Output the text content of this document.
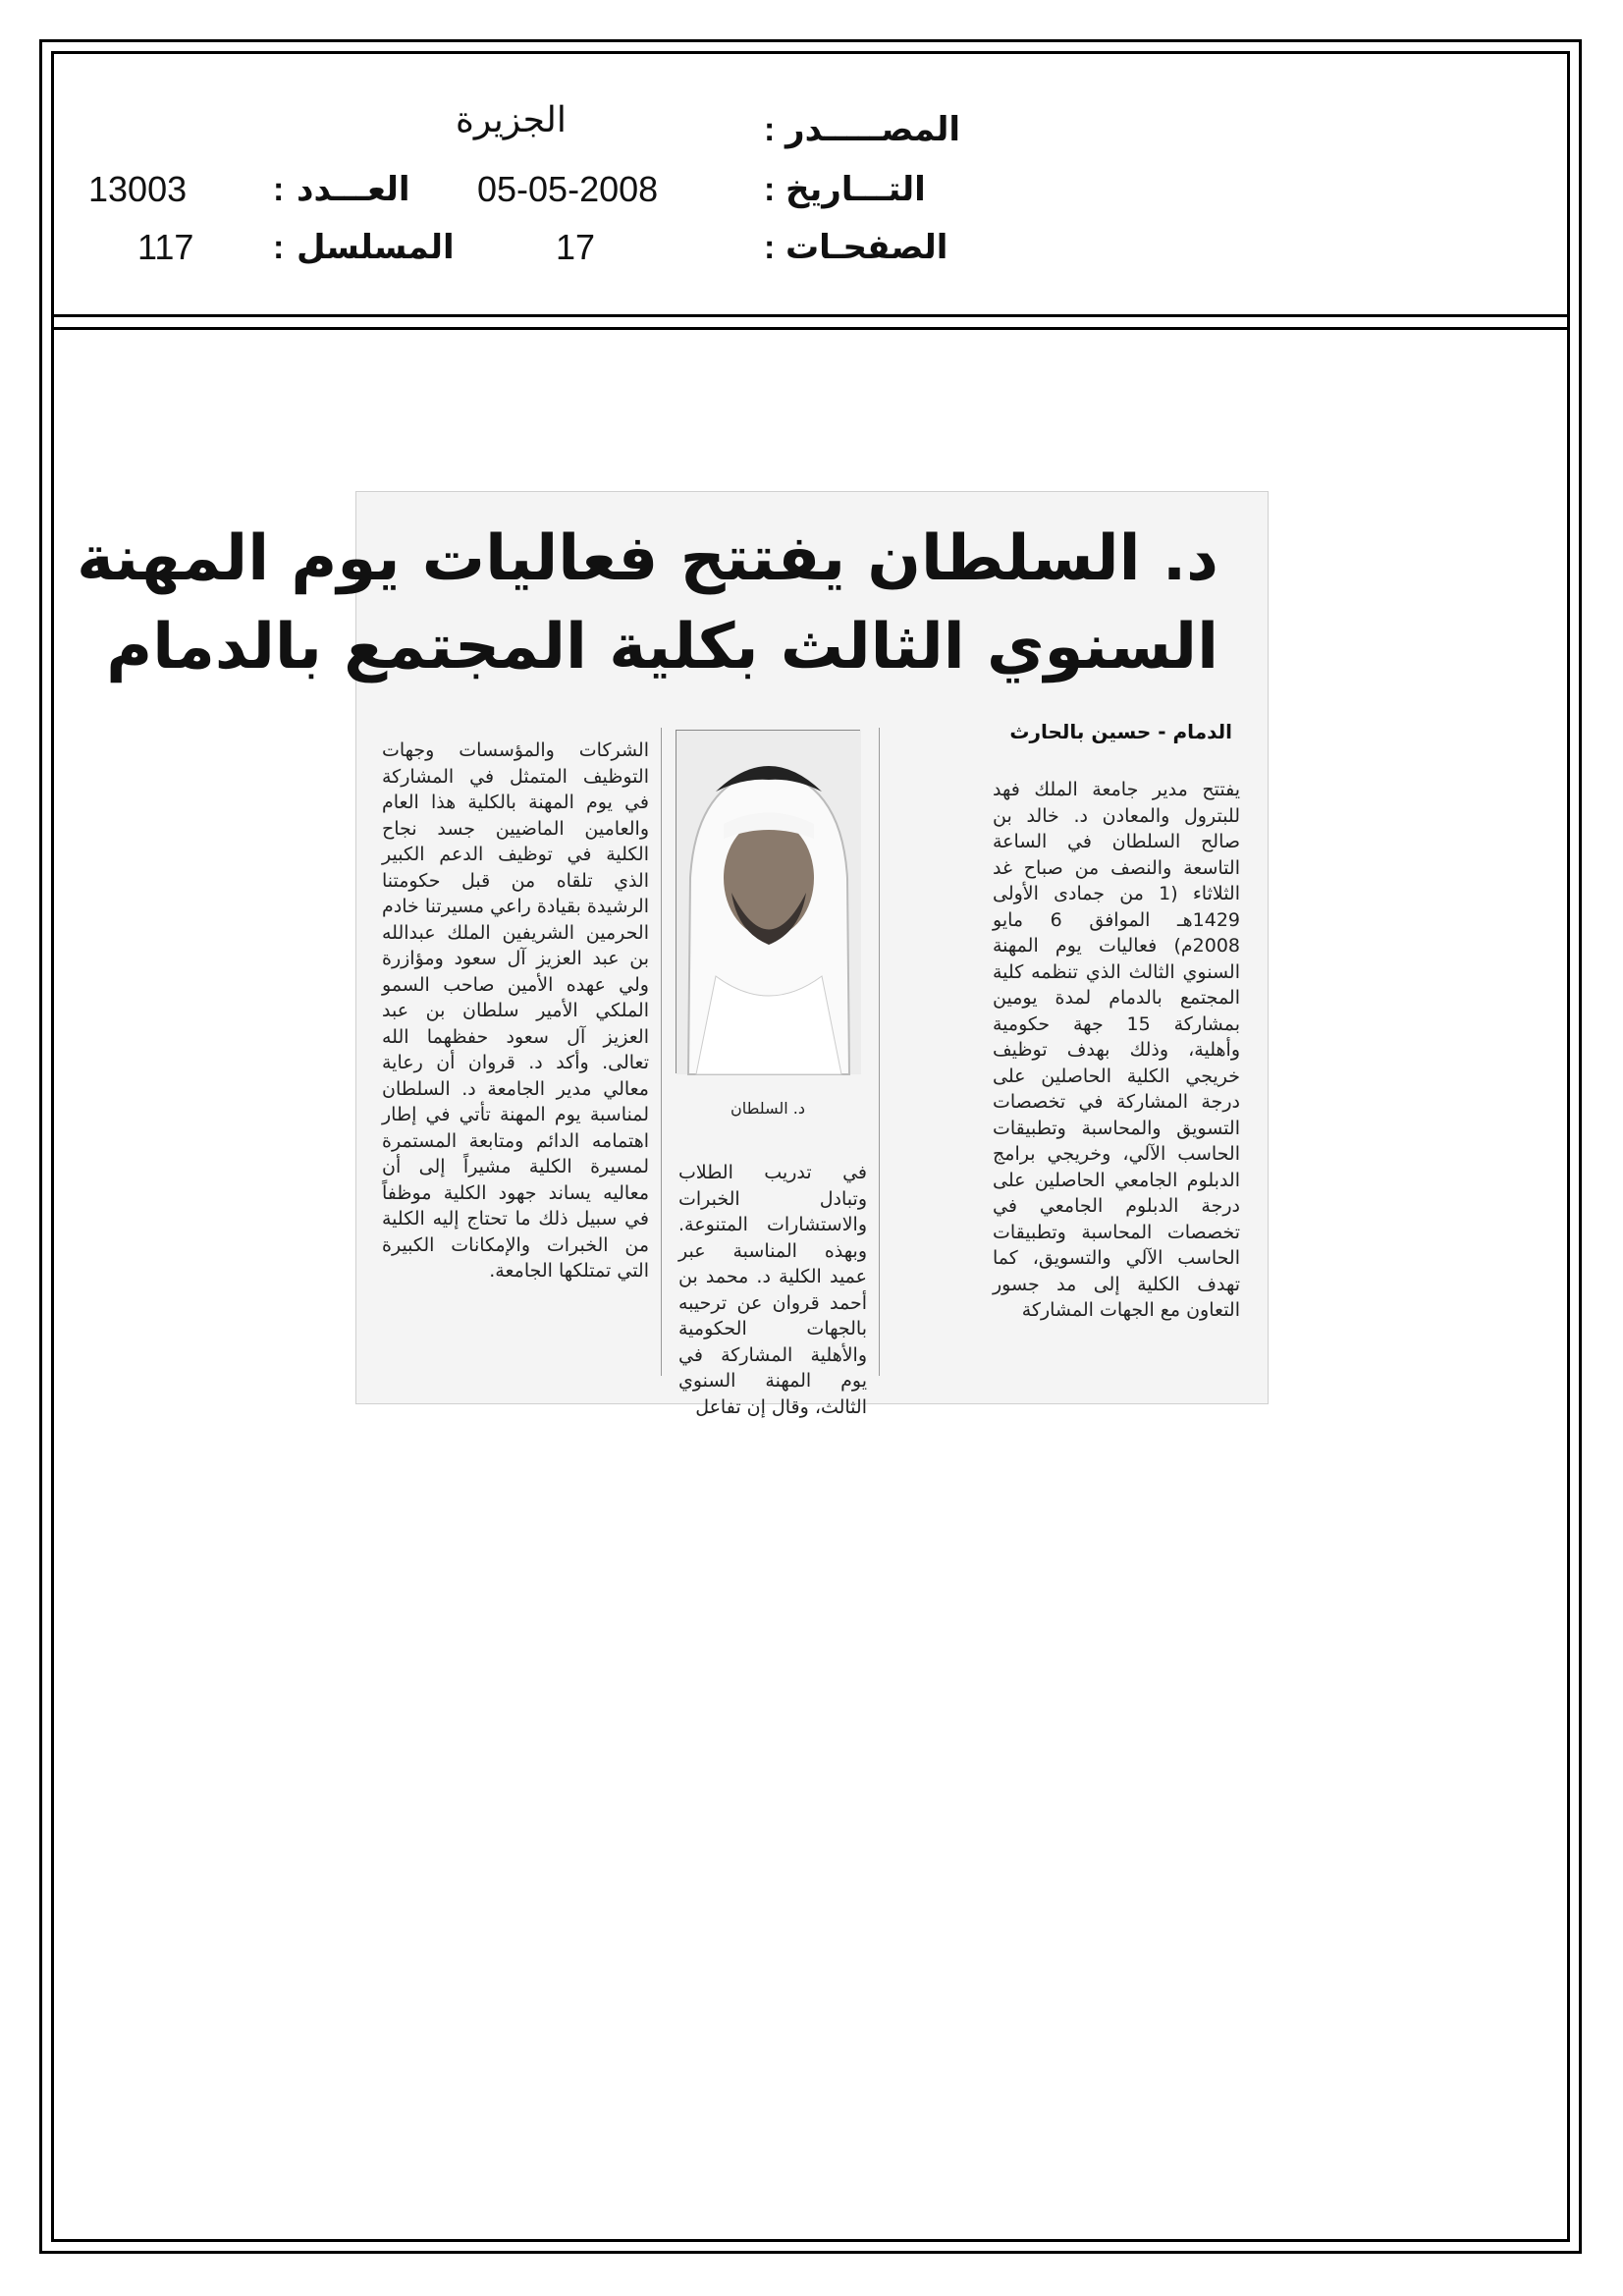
المصـــــدر
:
الجزيرة
التـــاريخ
:
05-05-2008
العـــدد
:
13003
الصفحـات
:
17
المسلسل
:
117
د. السلطان يفتتح فعاليات يوم المهنة
السنوي الثالث بكلية المجتمع بالدمام
الدمام - حسين بالحارث
يفتتح مدير جامعة الملك فهد للبترول والمعادن د. خالد بن صالح السلطان في الساعة التاسعة والنصف من صباح غد الثلاثاء (1 من جمادى الأولى 1429هـ الموافق 6 مايو 2008م) فعاليات يوم المهنة السنوي الثالث الذي تنظمه كلية المجتمع بالدمام لمدة يومين بمشاركة 15 جهة حكومية وأهلية، وذلك بهدف توظيف خريجي الكلية الحاصلين على درجة المشاركة في تخصصات التسويق والمحاسبة وتطبيقات الحاسب الآلي، وخريجي برامج الدبلوم الجامعي الحاصلين على درجة الدبلوم الجامعي في تخصصات المحاسبة وتطبيقات الحاسب الآلي والتسويق، كما تهدف الكلية إلى مد جسور التعاون مع الجهات المشاركة
د. السلطان
في تدريب الطلاب وتبادل الخبرات والاستشارات المتنوعة. وبهذه المناسبة عبر عميد الكلية د. محمد بن أحمد قروان عن ترحيبه بالجهات الحكومية والأهلية المشاركة في يوم المهنة السنوي الثالث، وقال إن تفاعل
الشركات والمؤسسات وجهات التوظيف المتمثل في المشاركة في يوم المهنة بالكلية هذا العام والعامين الماضيين جسد نجاح الكلية في توظيف الدعم الكبير الذي تلقاه من قبل حكومتنا الرشيدة بقيادة راعي مسيرتنا خادم الحرمين الشريفين الملك عبدالله بن عبد العزيز آل سعود ومؤازرة ولي عهده الأمين صاحب السمو الملكي الأمير سلطان بن عبد العزيز آل سعود حفظهما الله تعالى. وأكد د. قروان أن رعاية معالي مدير الجامعة د. السلطان لمناسبة يوم المهنة تأتي في إطار اهتمامه الدائم ومتابعة المستمرة لمسيرة الكلية مشيراً إلى أن معاليه يساند جهود الكلية موظفاً في سبيل ذلك ما تحتاج إليه الكلية من الخبرات والإمكانات الكبيرة التي تمتلكها الجامعة.
